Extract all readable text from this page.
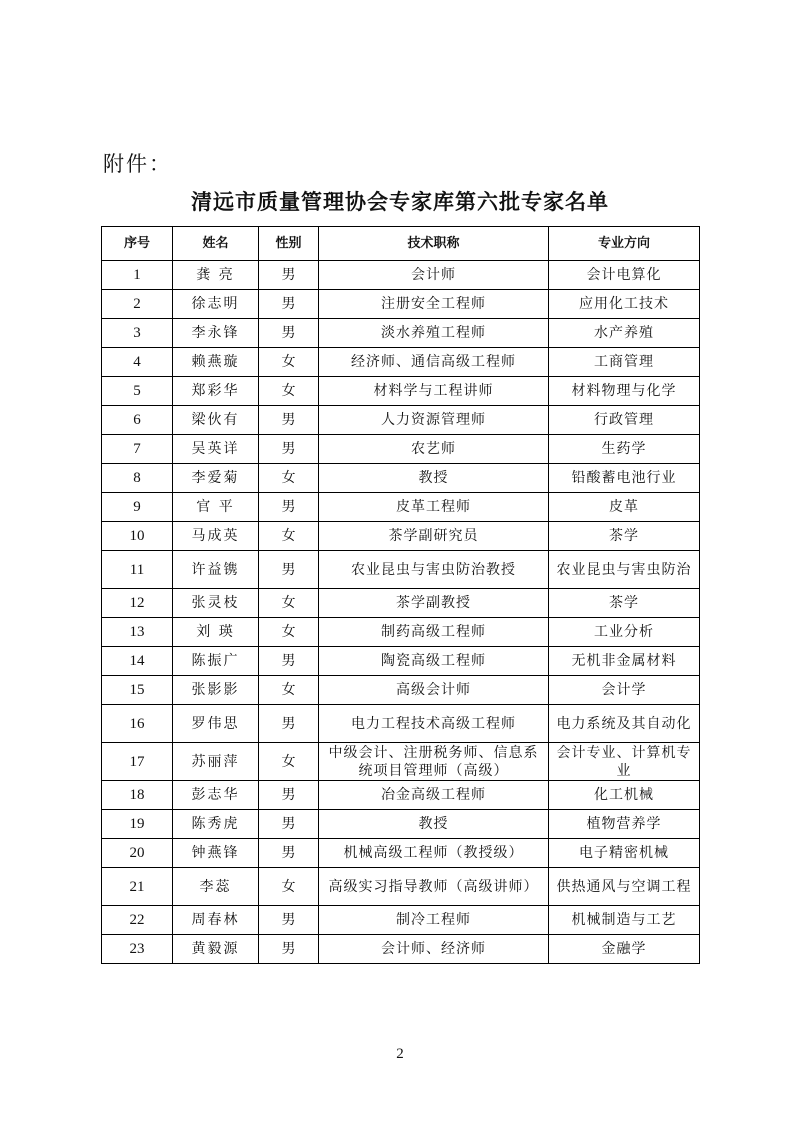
附件：
清远市质量管理协会专家库第六批专家名单
序号	姓名	性别	技术职称	专业方向
1	龚 亮	男	会计师	会计电算化
2	徐志明	男	注册安全工程师	应用化工技术
3	李永锋	男	淡水养殖工程师	水产养殖
4	赖燕璇	女	经济师、通信高级工程师	工商管理
5	郑彩华	女	材料学与工程讲师	材料物理与化学
6	梁伙有	男	人力资源管理师	行政管理
7	吴英详	男	农艺师	生药学
8	李爱菊	女	教授	铅酸蓄电池行业
9	官 平	男	皮革工程师	皮革
10	马成英	女	茶学副研究员	茶学
11	许益镌	男	农业昆虫与害虫防治教授	农业昆虫与害虫防治
12	张灵枝	女	茶学副教授	茶学
13	刘 瑛	女	制药高级工程师	工业分析
14	陈振广	男	陶瓷高级工程师	无机非金属材料
15	张影影	女	高级会计师	会计学
16	罗伟思	男	电力工程技术高级工程师	电力系统及其自动化
17	苏丽萍	女	中级会计、注册税务师、信息系统项目管理师（高级）	会计专业、计算机专业
18	彭志华	男	冶金高级工程师	化工机械
19	陈秀虎	男	教授	植物营养学
20	钟燕锋	男	机械高级工程师（教授级）	电子精密机械
21	李蕊	女	高级实习指导教师（高级讲师）	供热通风与空调工程
22	周春林	男	制冷工程师	机械制造与工艺
23	黄毅源	男	会计师、经济师	金融学
2
